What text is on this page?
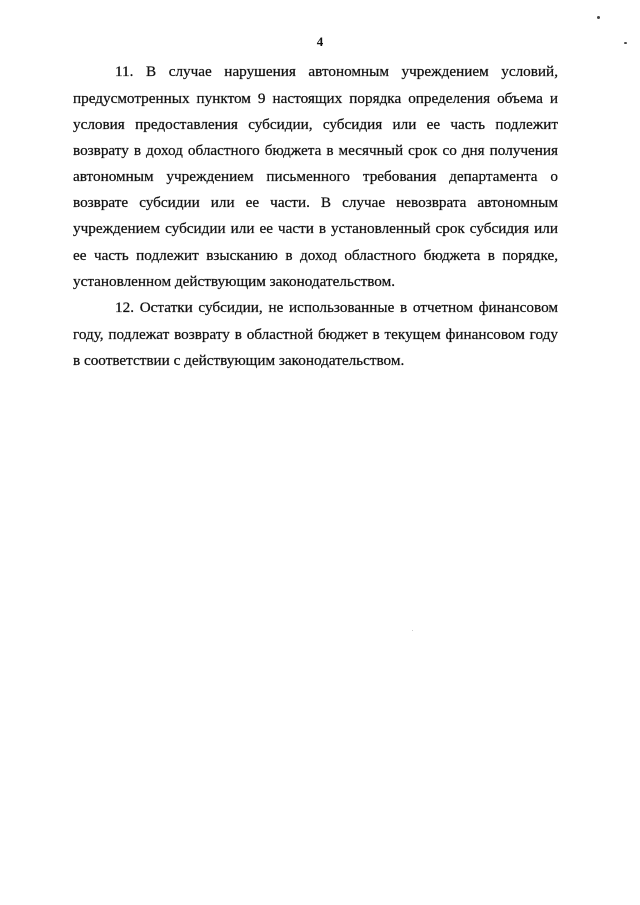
4
11. В случае нарушения автономным учреждением условий,
предусмотренных пунктом 9 настоящих порядка определения объема и
условия предоставления субсидии, субсидия или ее часть подлежит
возврату в доход областного бюджета в месячный срок со дня получения
автономным учреждением письменного требования департамента о
возврате субсидии или ее части. В случае невозврата автономным
учреждением субсидии или ее части в установленный срок субсидия или
ее часть подлежит взысканию в доход областного бюджета в порядке,
установленном действующим законодательством.
12. Остатки субсидии, не использованные в отчетном финансовом
году, подлежат возврату в областной бюджет в текущем финансовом году
в соответствии с действующим законодательством.
